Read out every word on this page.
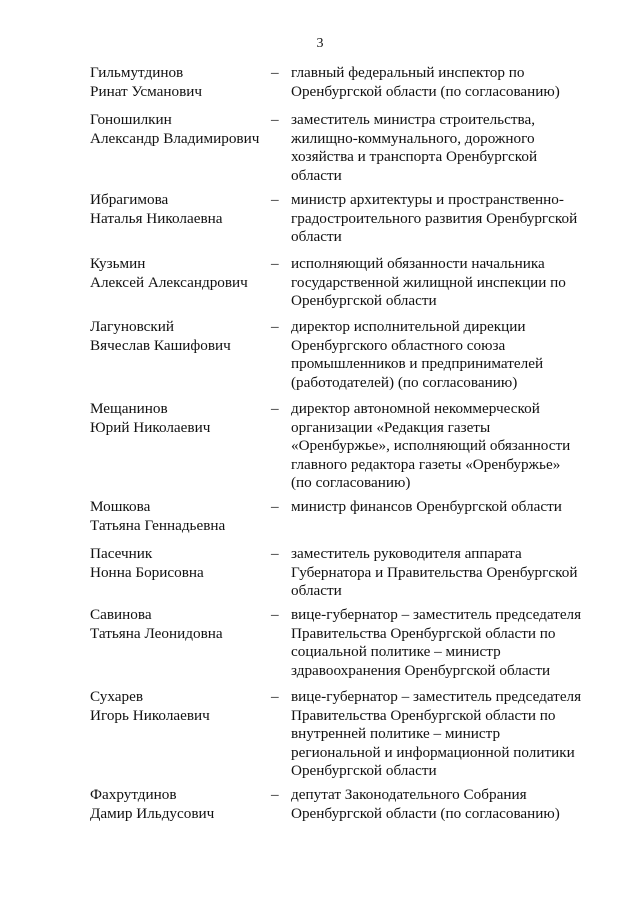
3
Гильмутдинов
Ринат Усманович
– главный федеральный инспектор по
Оренбургской области (по согласованию)
Гоношилкин
Александр Владимирович
– заместитель министра строительства,
жилищно-коммунального, дорожного
хозяйства и транспорта Оренбургской
области
Ибрагимова
Наталья Николаевна
– министр архитектуры и пространственно-
градостроительного развития Оренбургской
области
Кузьмин
Алексей Александрович
– исполняющий обязанности начальника
государственной жилищной инспекции по
Оренбургской области
Лагуновский
Вячеслав Кашифович
– директор исполнительной дирекции
Оренбургского областного союза
промышленников и предпринимателей
(работодателей) (по согласованию)
Мещанинов
Юрий Николаевич
– директор автономной некоммерческой
организации «Редакция газеты
«Оренбуржье», исполняющий обязанности
главного редактора газеты «Оренбуржье»
(по согласованию)
Мошкова
Татьяна Геннадьевна
– министр финансов Оренбургской области
Пасечник
Нонна Борисовна
– заместитель руководителя аппарата
Губернатора и Правительства Оренбургской
области
Савинова
Татьяна Леонидовна
– вице-губернатор – заместитель председателя
Правительства Оренбургской области по
социальной политике – министр
здравоохранения Оренбургской области
Сухарев
Игорь Николаевич
– вице-губернатор – заместитель председателя
Правительства Оренбургской области по
внутренней политике – министр
региональной и информационной политики
Оренбургской области
Фахрутдинов
Дамир Ильдусович
– депутат Законодательного Собрания
Оренбургской области (по согласованию)
